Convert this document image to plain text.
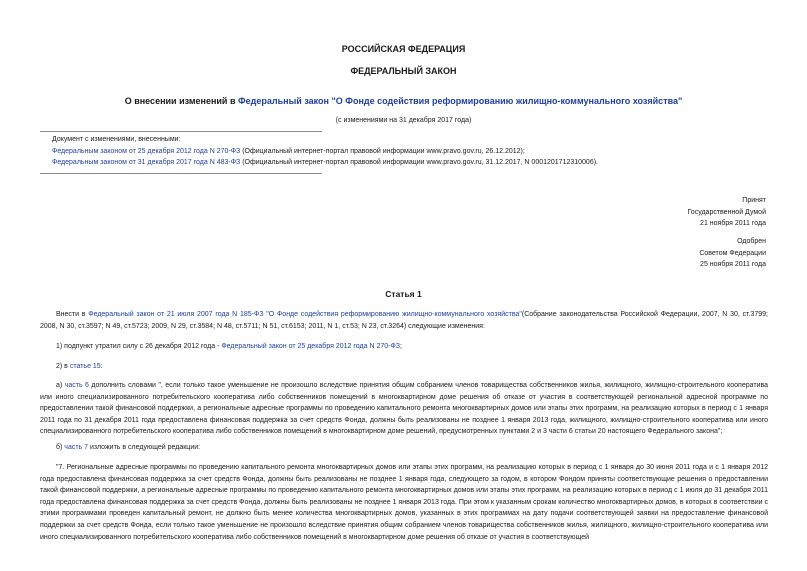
РОССИЙСКАЯ ФЕДЕРАЦИЯ
ФЕДЕРАЛЬНЫЙ ЗАКОН
О внесении изменений в Федеральный закон "О Фонде содействия реформированию жилищно-коммунального хозяйства"
(с изменениями на 31 декабря 2017 года)
Документ с изменениями, внесенными:
Федеральным законом от 25 декабря 2012 года N 270-ФЗ (Официальный интернет-портал правовой информации www.pravo.gov.ru, 26.12.2012);
Федеральным законом от 31 декабря 2017 года N 483-ФЗ (Официальный интернет-портал правовой информации www.pravo.gov.ru, 31.12.2017, N 0001201712310006).
Принят
Государственной Думой
21 ноября 2011 года
Одобрен
Советом Федерации
25 ноября 2011 года
Статья 1
Внести в Федеральный закон от 21 июля 2007 года N 185-ФЗ "О Фонде содействия реформированию жилищно-коммунального хозяйства"(Собрание законодательства Российской Федерации, 2007, N 30, ст.3799; 2008, N 30, ст.3597; N 49, ст.5723; 2009, N 29, ст.3584; N 48, ст.5711; N 51, ст.6153; 2011, N 1, ст.53; N 23, ст.3264) следующие изменения:
1) подпункт утратил силу с 26 декабря 2012 года - Федеральный закон от 25 декабря 2012 года N 270-ФЗ;
2) в статье 15:
а) часть 6 дополнить словами ", если только такое уменьшение не произошло вследствие принятия общим собранием членов товарищества собственников жилья, жилищного, жилищно-строительного кооператива или иного специализированного потребительского кооператива либо собственников помещений в многоквартирном доме решения об отказе от участия в соответствующей региональной адресной программе по предоставлении такой финансовой поддержки, а региональные адресные программы по проведению капитального ремонта многоквартирных домов или этапы этих программ, на реализацию которых в период с 1 января 2011 года по 31 декабря 2011 года предоставлена финансовая поддержка за счет средств Фонда, должны быть реализованы не позднее 1 января 2013 года, жилищного, жилищно-строительного кооператива или иного специализированного потребительского кооператива либо собственников помещений в многоквартирном доме решений, предусмотренных пунктами 2 и 3 части 6 статьи 20 настоящего Федерального закона";
б) часть 7 изложить в следующей редакции:
"7. Региональные адресные программы по проведению капитального ремонта многоквартирных домов или этапы этих программ, на реализацию которых в период с 1 января до 30 июня 2011 года и с 1 января 2012 года предоставлена финансовая поддержка за счет средств Фонда, должны быть реализованы не позднее 1 января года, следующего за годом, в котором Фондом приняты соответствующие решения о предоставлении такой финансовой поддержки, а региональные адресные программы по проведению капитального ремонта многоквартирных домов или этапы этих программ, на реализацию которых в период с 1 июля до 31 декабря 2011 года предоставлена финансовая поддержка за счет средств Фонда, должны быть реализованы не позднее 1 января 2013 года. При этом к указанным срокам количество многоквартирных домов, в которых в соответствии с этими программами проведен капитальный ремонт, не должно быть менее количества многоквартирных домов, указанных в этих программах на дату подачи соответствующей заявки на предоставление финансовой поддержки за счет средств Фонда, если только такое уменьшение не произошло вследствие принятия общим собранием членов товарищества собственников жилья, жилищного, жилищно-строительного кооператива или иного специализированного потребительского кооператива либо собственников помещений в многоквартирном доме решения об отказе от участия в соответствующей
